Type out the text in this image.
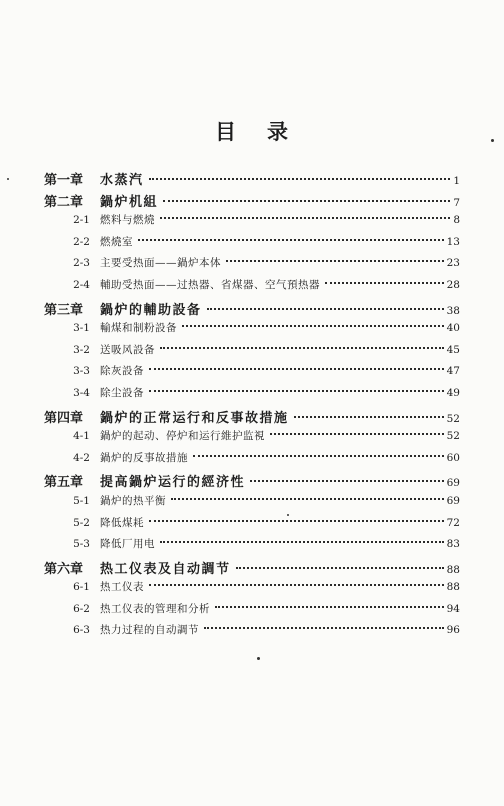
目 录
第一章	水蒸汽	1
第二章	鍋炉机組	7
2-1 燃料与燃燒	8
2-2 燃燒室	13
2-3 主要受热面——鍋炉本体	23
2-4 輔助受热面——过热器、省煤器、空气預热器	28
第三章	鍋炉的輔助設备	38
3-1 輸煤和制粉設备	40
3-2 送吸风設备	45
3-3 除灰設备	47
3-4 除尘設备	49
第四章	鍋炉的正常运行和反事故措施	52
4-1 鍋炉的起动、停炉和运行維护监視	52
4-2 鍋炉的反事故措施	60
第五章	提高鍋炉运行的經济性	69
5-1 鍋炉的热平衡	69
5-2 降低煤耗	72
5-3 降低厂用电	83
第六章	热工仪表及自动調节	88
6-1 热工仪表	88
6-2 热工仪表的管理和分析	94
6-3 热力过程的自动調节	96
